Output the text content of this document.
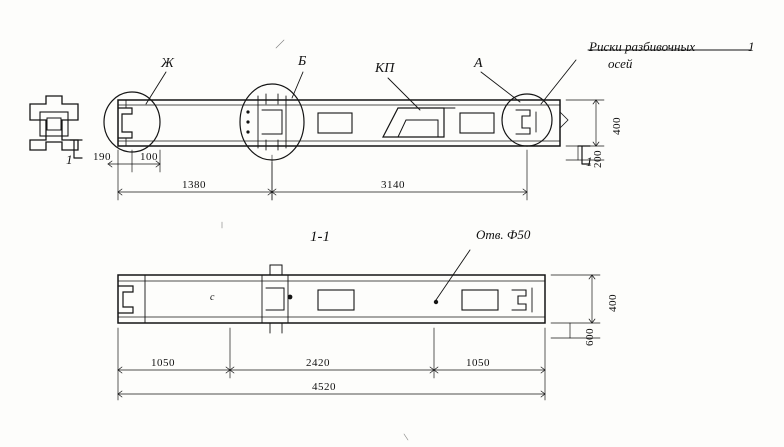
Риски разбивочных
осей
Отв. Ф50
Ж	Б	КП	А
1	1
1
1-1
190	100
1380	3140
400
200
1050	2420	1050
4520
400
600
с
